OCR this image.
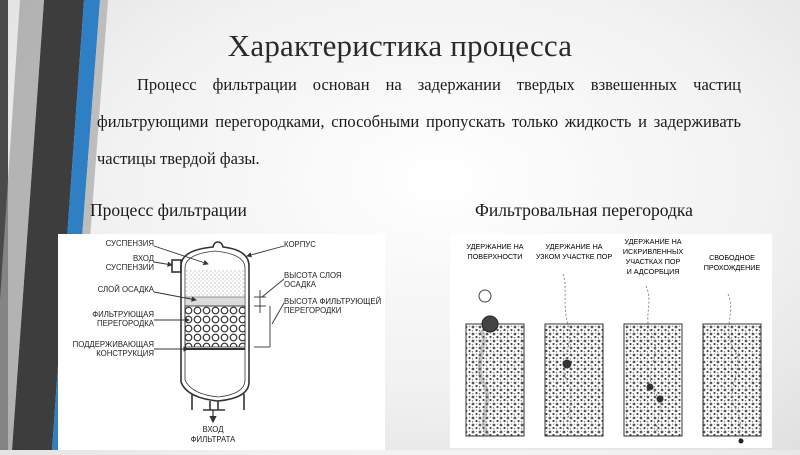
Характеристика процесса
Процесс фильтрации основан на задержании твердых взвешенных частиц фильтрующими перегородками, способными пропускать только жидкость и задерживать частицы твердой фазы.
Процесс фильтрации	Фильтровальная перегородка
СУСПЕНЗИЯ
ВХОД
СУСПЕНЗИИ
СЛОЙ ОСАДКА
ФИЛЬТРУЮЩАЯ
ПЕРЕГОРОДКА
ПОДДЕРЖИВАЮЩАЯ
КОНСТРУКЦИЯ
КОРПУС
ВЫСОТА СЛОЯ
ОСАДКА
ВЫСОТА ФИЛЬТРУЮЩЕЙ
ПЕРЕГОРОДКИ
ВХОД
ФИЛЬТРАТА
УДЕРЖАНИЕ НА
ПОВЕРХНОСТИ
УДЕРЖАНИЕ НА
УЗКОМ УЧАСТКЕ ПОР
УДЕРЖАНИЕ НА
ИСКРИВЛЕННЫХ
УЧАСТКАХ ПОР
И АДСОРБЦИЯ
СВОБОДНОЕ
ПРОХОЖДЕНИЕ
